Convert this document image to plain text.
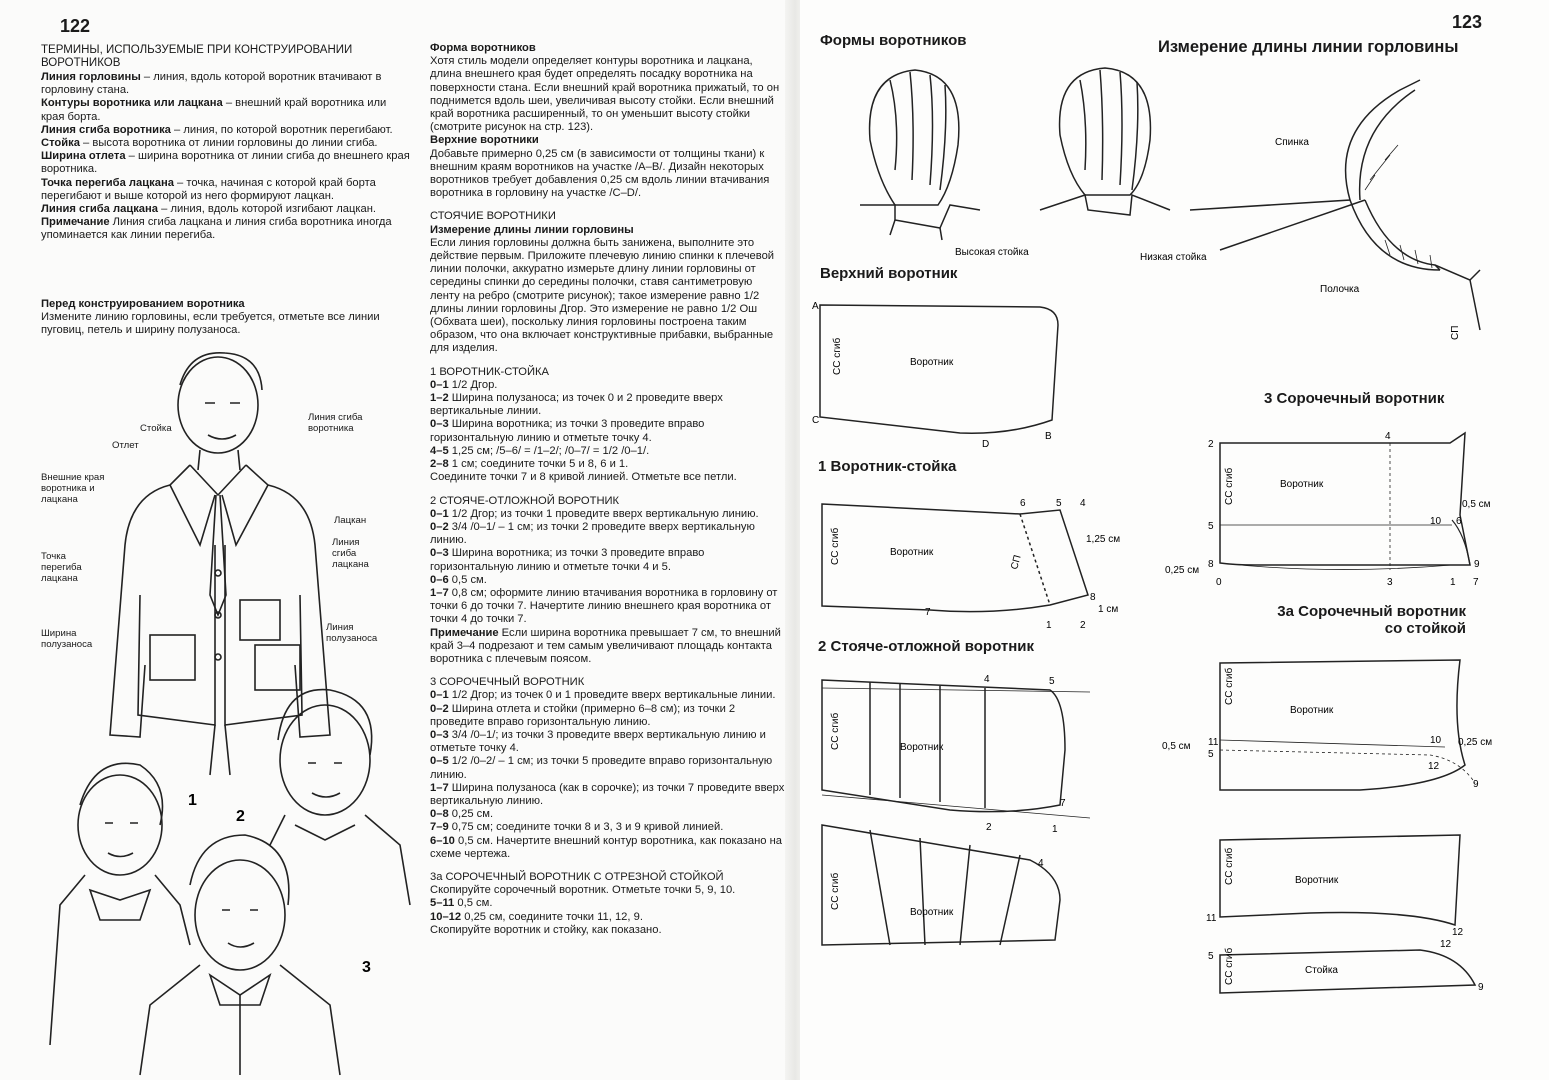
122
ТЕРМИНЫ, ИСПОЛЬЗУЕМЫЕ ПРИ КОНСТРУИРОВАНИИ ВОРОТНИКОВ
Линия горловины – линия, вдоль которой воротник втачивают в горловину стана.
Контуры воротника или лацкана – внешний край воротника или края борта.
Линия сгиба воротника – линия, по которой воротник перегибают.
Стойка – высота воротника от линии горловины до линии сгиба.
Ширина отлета – ширина воротника от линии сгиба до внешнего края воротника.
Точка перегиба лацкана – точка, начиная с которой край борта перегибают и выше которой из него формируют лацкан.
Линия сгиба лацкана – линия, вдоль которой изгибают лацкан.
Примечание Линия сгиба лацкана и линия сгиба воротника иногда упоминается как линии перегиба.
Перед конструированием воротника
Измените линию горловины, если требуется, отметьте все линии пуговиц, петель и ширину полузаноса.
1
2
3
Стойка
Отлет
Внешние края воротника и лацкана
Точка перегиба лацкана
Ширина полузаноса
Линия сгиба воротника
Лацкан
Линия сгиба лацкана
Линия полузаноса
Форма воротников
Хотя стиль модели определяет контуры воротника и лацкана, длина внешнего края будет определять посадку воротника на поверхности стана. Если внешний край воротника прижатый, то он поднимется вдоль шеи, увеличивая высоту стойки. Если внешний край воротника расширенный, то он уменьшит высоту стойки (смотрите рисунок на стр. 123).
Верхние воротники
Добавьте примерно 0,25 см (в зависимости от толщины ткани) к внешним краям воротников на участке /A–B/. Дизайн некоторых воротников требует добавления 0,25 см вдоль линии втачивания воротника в горловину на участке /C–D/.
СТОЯЧИЕ ВОРОТНИКИ
Измерение длины линии горловины
Если линия горловины должна быть занижена, выполните это действие первым. Приложите плечевую линию спинки к плечевой линии полочки, аккуратно измерьте длину линии горловины от середины спинки до середины полочки, ставя сантиметровую ленту на ребро (смотрите рисунок); такое измерение равно 1/2 длины линии горловины Дгор. Это измерение не равно 1/2 Ош (Обхвата шеи), поскольку линия горловины построена таким образом, что она включает конструктивные прибавки, выбранные для изделия.
1 ВОРОТНИК-СТОЙКА
0–1 1/2 Дгор.
1–2 Ширина полузаноса; из точек 0 и 2 проведите вверх вертикальные линии.
0–3 Ширина воротника; из точки 3 проведите вправо горизонтальную линию и отметьте точку 4.
4–5 1,25 см; /5–6/ = /1–2/; /0–7/ = 1/2 /0–1/.
2–8 1 см; соедините точки 5 и 8, 6 и 1.
Соедините точки 7 и 8 кривой линией. Отметьте все петли.
2 СТОЯЧЕ-ОТЛОЖНОЙ ВОРОТНИК
0–1 1/2 Дгор; из точки 1 проведите вверх вертикальную линию.
0–2 3/4 /0–1/ – 1 см; из точки 2 проведите вверх вертикальную линию.
0–3 Ширина воротника; из точки 3 проведите вправо горизонтальную линию и отметьте точки 4 и 5.
0–6 0,5 см.
1–7 0,8 см; оформите линию втачивания воротника в горловину от точки 6 до точки 7. Начертите линию внешнего края воротника от точки 4 до точки 7.
Примечание Если ширина воротника превышает 7 см, то внешний край 3–4 подрезают и тем самым увеличивают площадь контакта воротника с плечевым поясом.
3 СОРОЧЕЧНЫЙ ВОРОТНИК
0–1 1/2 Дгор; из точек 0 и 1 проведите вверх вертикальные линии.
0–2 Ширина отлета и стойки (примерно 6–8 см); из точки 2 проведите вправо горизонтальную линию.
0–3 3/4 /0–1/; из точки 3 проведите вверх вертикальную линию и отметьте точку 4.
0–5 1/2 /0–2/ – 1 см; из точки 5 проведите вправо горизонтальную линию.
1–7 Ширина полузаноса (как в сорочке); из точки 7 проведите вверх вертикальную линию.
0–8 0,25 см.
7–9 0,75 см; соедините точки 8 и 3, 3 и 9 кривой линией.
6–10 0,5 см. Начертите внешний контур воротника, как показано на схеме чертежа.
3а СОРОЧЕЧНЫЙ ВОРОТНИК С ОТРЕЗНОЙ СТОЙКОЙ
Скопируйте сорочечный воротник. Отметьте точки 5, 9, 10.
5–11 0,5 см.
10–12 0,25 см, соедините точки 11, 12, 9.
Скопируйте воротник и стойку, как показано.
123
Формы воротников	Измерение длины линии горловины
Высокая стойка	Низкая стойка
Спинка
Полочка
СП
Верхний воротник
Воротник
СС сгиб
A
C
D
B
1 Воротник-стойка
Воротник
СС сгиб
6	5 4
1,25 см
8
1 см
7
1	2
СП
2 Стояче-отложной воротник
Воротник
СС сгиб
4	5
7
2	1
4
Воротник
СС сгиб
3 Сорочечный воротник
2
4
Воротник
СС сгиб
5
8
0,25 см
0	3	1 7
10 6
0,5 см
9
3а Сорочечный воротник со стойкой
Воротник
СС сгиб
11
5
0,5 см
10 0,25 см
12
9
Воротник
СС сгиб
11
12
12
5
Стойка
СС сгиб
9
